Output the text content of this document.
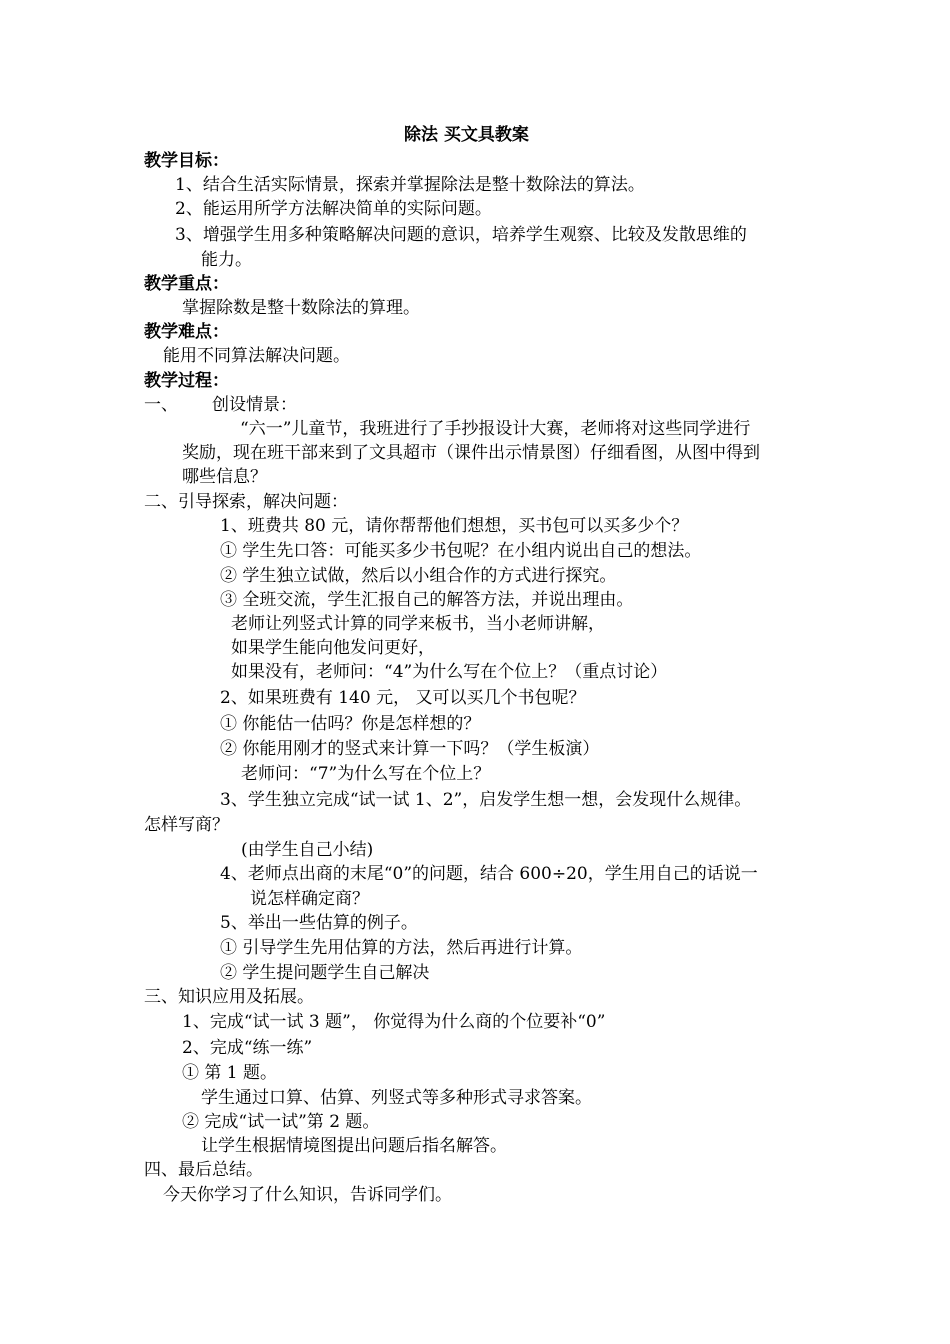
除法 买文具教案
教学目标：
1、结合生活实际情景，探索并掌握除法是整十数除法的算法。
2、能运用所学方法解决简单的实际问题。
3、增强学生用多种策略解决问题的意识，培养学生观察、比较及发散思维的
能力。
教学重点：
掌握除数是整十数除法的算理。
教学难点：
能用不同算法解决问题。
教学过程：
一、 创设情景：
“六一”儿童节，我班进行了手抄报设计大赛，老师将对这些同学进行
奖励，现在班干部来到了文具超市（课件出示情景图）仔细看图，从图中得到
哪些信息？
二、引导探索，解决问题：
1、班费共 80 元，请你帮帮他们想想，买书包可以买多少个？
① 学生先口答：可能买多少书包呢？在小组内说出自己的想法。
② 学生独立试做，然后以小组合作的方式进行探究。
③ 全班交流，学生汇报自己的解答方法，并说出理由。
老师让列竖式计算的同学来板书，当小老师讲解，
如果学生能向他发问更好，
如果没有，老师问：“4”为什么写在个位上？（重点讨论）
2、如果班费有 140 元， 又可以买几个书包呢？
① 你能估一估吗？你是怎样想的？
② 你能用刚才的竖式来计算一下吗？（学生板演）
老师问：“7”为什么写在个位上？
3、学生独立完成“试一试 1、2”，启发学生想一想，会发现什么规律。
怎样写商？
(由学生自己小结)
4、老师点出商的末尾“0”的问题，结合 600÷20，学生用自己的话说一
说怎样确定商？
5、举出一些估算的例子。
① 引导学生先用估算的方法，然后再进行计算。
② 学生提问题学生自己解决
三、知识应用及拓展。
1、完成“试一试 3 题”， 你觉得为什么商的个位要补“0”
2、完成“练一练”
① 第 1 题。
学生通过口算、估算、列竖式等多种形式寻求答案。
② 完成“试一试”第 2 题。
让学生根据情境图提出问题后指名解答。
四、最后总结。
今天你学习了什么知识，告诉同学们。
